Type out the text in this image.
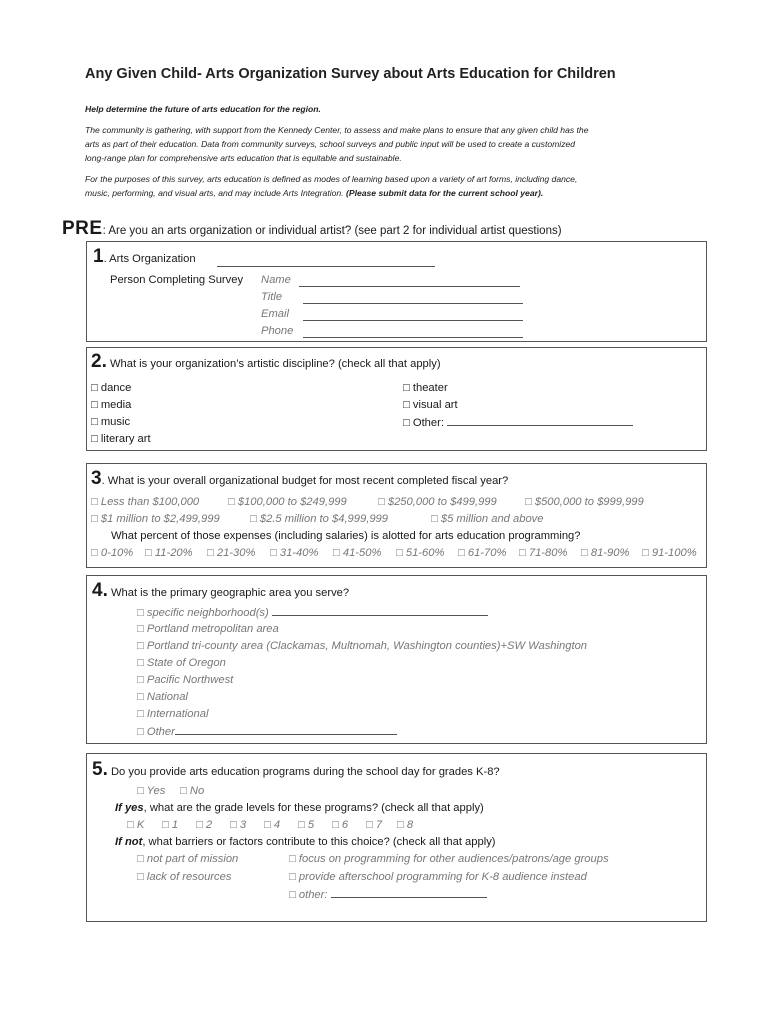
Any Given Child- Arts Organization Survey about Arts Education for Children
Help determine the future of arts education for the region.
The community is gathering, with support from the Kennedy Center, to assess and make plans to ensure that any given child has the
arts as part of their education. Data from community surveys, school surveys and public input will be used to create a customized
long-range plan for comprehensive arts education that is equitable and sustainable.
For the purposes of this survey, arts education is defined as modes of learning based upon a variety of art forms, including dance,
music, performing, and visual arts, and may include Arts Integration. (Please submit data for the current school year).
PRE: Are you an arts organization or individual artist? (see part 2 for individual artist questions)
1. Arts Organization
Person Completing Survey Name
Title
Email
Phone
2. What is your organization’s artistic discipline? (check all that apply)
□ dance
□ media
□ music
□ literary art
□ theater
□ visual art
□ Other:
3. What is your overall organizational budget for most recent completed fiscal year?
□ Less than $100,000	□ $100,000 to $249,999	□ $250,000 to $499,999	□ $500,000 to $999,999
□ $1 million to $2,499,999	□ $2.5 million to $4,999,999	□ $5 million and above
What percent of those expenses (including salaries) is alotted for arts education programming?
□ 0-10% □ 11-20% □ 21-30% □ 31-40% □ 41-50% □ 51-60% □ 61-70% □ 71-80% □ 81-90% □ 91-100%
4. What is the primary geographic area you serve?
□ specific neighborhood(s)
□ Portland metropolitan area
□ Portland tri-county area (Clackamas, Multnomah, Washington counties)+SW Washington
□ State of Oregon
□ Pacific Northwest
□ National
□ International
□ Other
5. Do you provide arts education programs during the school day for grades K-8?
□ Yes □ No
If yes, what are the grade levels for these programs? (check all that apply)
□ K □ 1 □ 2 □ 3 □ 4 □ 5 □ 6 □ 7 □ 8
If not, what barriers or factors contribute to this choice? (check all that apply)
□ not part of mission
□ lack of resources
□ focus on programming for other audiences/patrons/age groups
□ provide afterschool programming for K-8 audience instead
□ other:
